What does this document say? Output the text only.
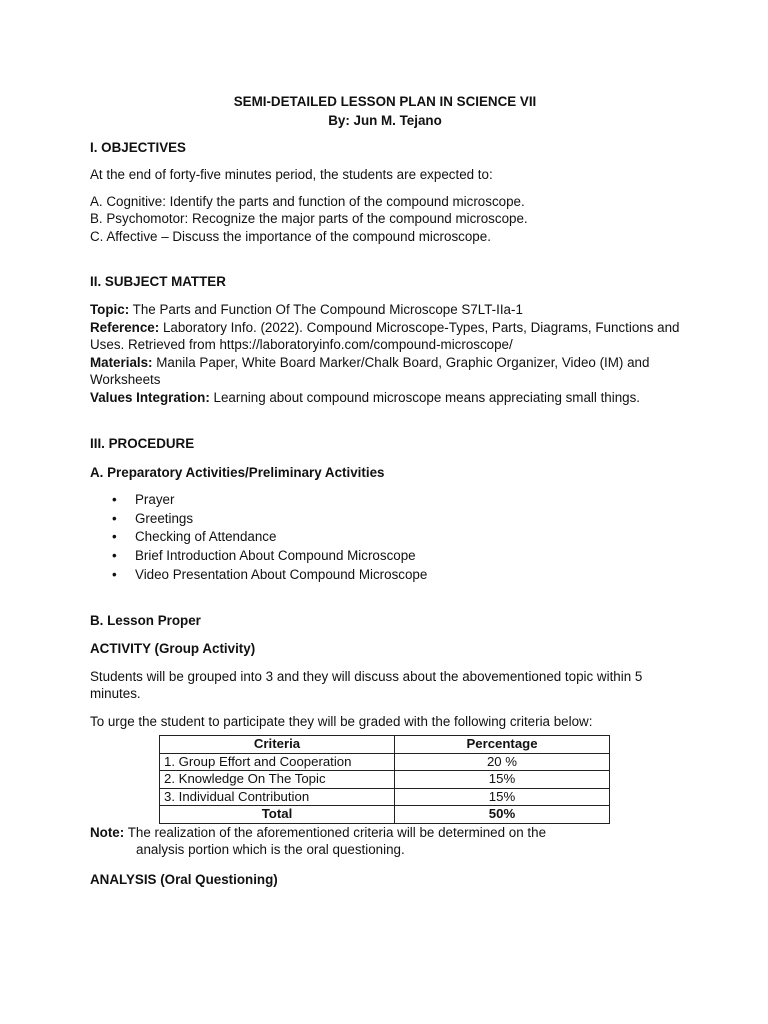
SEMI-DETAILED LESSON PLAN IN SCIENCE VII
By: Jun M. Tejano
I. OBJECTIVES

At the end of forty-five minutes period, the students are expected to:

A. Cognitive: Identify the parts and function of the compound microscope.

B. Psychomotor: Recognize the major parts of the compound microscope.

C. Affective – Discuss the importance of the compound microscope.

II. SUBJECT MATTER

Topic: The Parts and Function Of The Compound Microscope S7LT-IIa-1

Reference: Laboratory Info. (2022). Compound Microscope-Types, Parts, Diagrams, Functions and Uses. Retrieved from https://laboratoryinfo.com/compound-microscope/

Materials: Manila Paper, White Board Marker/Chalk Board, Graphic Organizer, Video (IM) and Worksheets

Values Integration: Learning about compound microscope means appreciating small things.

III. PROCEDURE
A. Preparatory Activities/Preliminary Activities
• Prayer
• Greetings
• Checking of Attendance
• Brief Introduction About Compound Microscope
• Video Presentation About Compound Microscope
B. Lesson Proper
ACTIVITY (Group Activity)

Students will be grouped into 3 and they will discuss about the abovementioned topic within 5 minutes.

To urge the student to participate they will be graded with the following criteria below:

Criteria	Percentage
1. Group Effort and Cooperation	20 %
2. Knowledge On The Topic	15%
3. Individual Contribution	15%
Total	50%

Note: The realization of the aforementioned criteria will be determined on the

analysis portion which is the oral questioning.

ANALYSIS (Oral Questioning)
